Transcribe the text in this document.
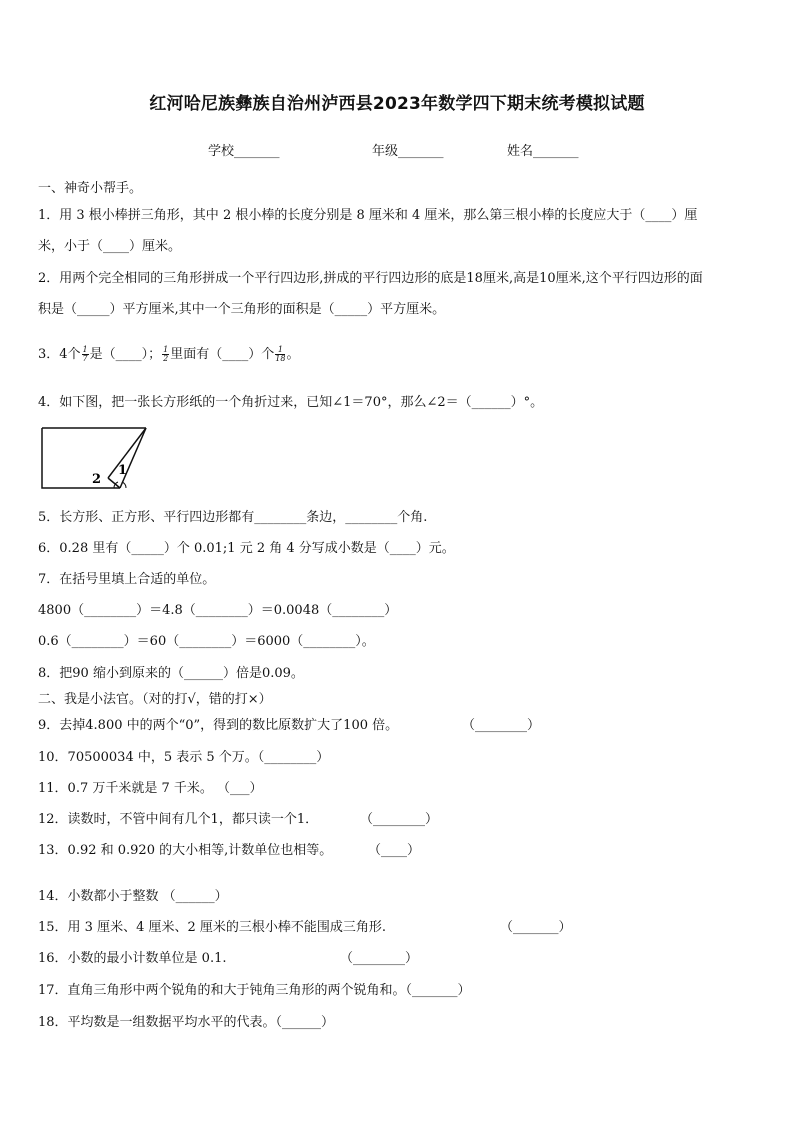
红河哈尼族彝族自治州泸西县2023年数学四下期末统考模拟试题
学校_______	年级_______	姓名_______
一、神奇小帮手。
1．用 3 根小棒拼三角形，其中 2 根小棒的长度分别是 8 厘米和 4 厘米，那么第三根小棒的长度应大于（____）厘
米，小于（____）厘米。
2．用两个完全相同的三角形拼成一个平行四边形,拼成的平行四边形的底是18厘米,高是10厘米,这个平行四边形的面
积是（_____）平方厘米,其中一个三角形的面积是（_____）平方厘米。
3．4个 $\frac{1}{7}$ 是（____）； $\frac{1}{2}$ 里面有（____）个 $\frac{1}{18}$ 。
4．如下图，把一张长方形纸的一个角折过来，已知∠1＝70°，那么∠2＝（______）°。
1
2
5．长方形、正方形、平行四边形都有________条边，________个角.
6．0.28 里有（_____）个 0.01;1 元 2 角 4 分写成小数是（____）元。
7．在括号里填上合适的单位。
4800（________）＝4.8（________）＝0.0048（________）
0.6（________）＝60（________）＝6000（________）。
8．把90 缩小到原来的（______）倍是0.09。
二、我是小法官。（对的打√，错的打×）
9．去掉4.800 中的两个“0”，得到的数比原数扩大了100 倍。	（________）
10．70500034 中，5 表示 5 个万。（________）
11．0.7 万千米就是 7 千米。 （___）
12．读数时，不管中间有几个1，都只读一个1．	（________）
13．0.92 和 0.920 的大小相等,计数单位也相等。	（____）
14．小数都小于整数 （______）
15．用 3 厘米、4 厘米、2 厘米的三根小棒不能围成三角形.	（_______）
16．小数的最小计数单位是 0.1.	（________）
17．直角三角形中两个锐角的和大于钝角三角形的两个锐角和。（_______）
18．平均数是一组数据平均水平的代表。（______）
